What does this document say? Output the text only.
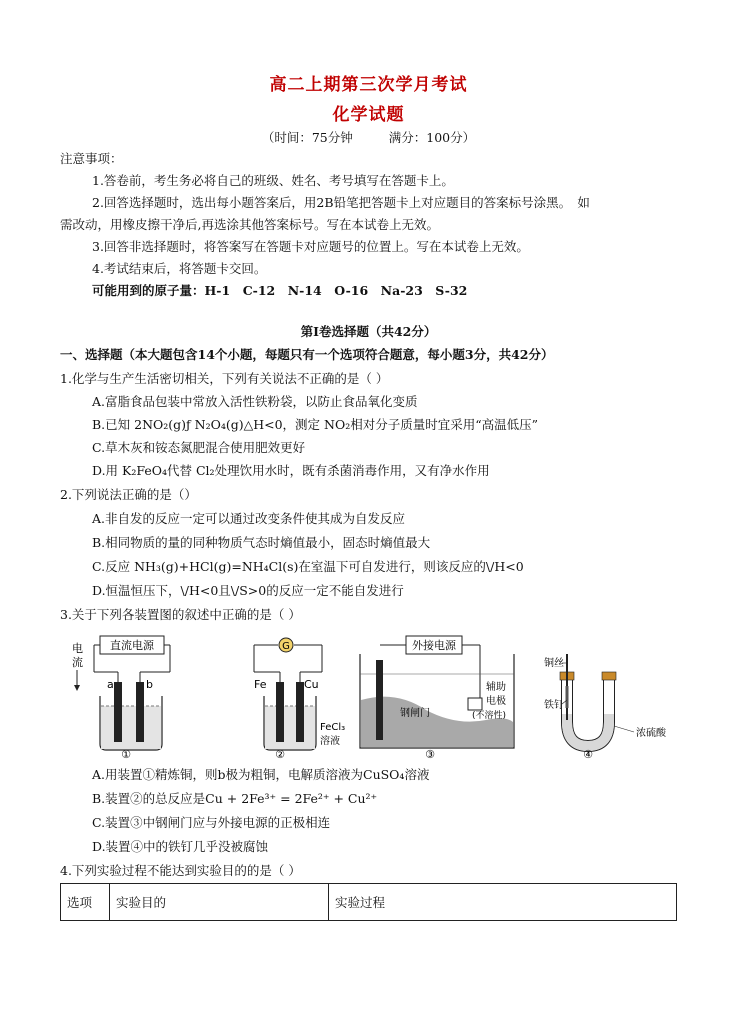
高二上期第三次学月考试
化学试题
（时间：75分钟	满分：100分）
注意事项：
1.答卷前，考生务必将自己的班级、姓名、考号填写在答题卡上。
2.回答选择题时，选出每小题答案后，用2B铅笔把答题卡上对应题目的答案标号涂黑。　如
需改动，用橡皮擦干净后,再选涂其他答案标号。写在本试卷上无效。
3.回答非选择题时，将答案写在答题卡对应题号的位置上。写在本试卷上无效。
4.考试结束后，将答题卡交回。
可能用到的原子量：H-1　C-12　N-14　O-16　Na-23　S-32
第Ⅰ卷选择题（共42分）
一、选择题（本大题包含14个小题，每题只有一个选项符合题意，每小题3分，共42分）
1.化学与生产生活密切相关，下列有关说法不正确的是（ ）
A.富脂食品包装中常放入活性铁粉袋，以防止食品氧化变质
B.已知 2NO₂(g)ƒ N₂O₄(g)△H<0，测定 NO₂相对分子质量时宜采用“高温低压”
C.草木灰和铵态氮肥混合使用肥效更好
D.用 K₂FeO₄代替 Cl₂处理饮用水时，既有杀菌消毒作用，又有净水作用
2.下列说法正确的是（）
A.非自发的反应一定可以通过改变条件使其成为自发反应
B.相同物质的量的同种物质气态时熵值最小，固态时熵值最大
C.反应 NH₃(g)+HCl(g)=NH₄Cl(s)在室温下可自发进行，则该反应的\/H<0
D.恒温恒压下，\/H<0且\/S>0的反应一定不能自发进行
3.关于下列各装置图的叙述中正确的是（ ）
直流电源
电
流
a	b
①
G
Fe	Cu
FeCl₃
溶液
②
外接电源
钢闸门
辅助
电极
(不溶性)
③
铜丝
铁钉
浓硫酸
④
A.用装置①精炼铜，则b极为粗铜，电解质溶液为CuSO₄溶液
B.装置②的总反应是Cu + 2Fe³⁺ = 2Fe²⁺ + Cu²⁺
C.装置③中钢闸门应与外接电源的正极相连
D.装置④中的铁钉几乎没被腐蚀
4.下列实验过程不能达到实验目的的是（ ）
选项	实验目的	实验过程
